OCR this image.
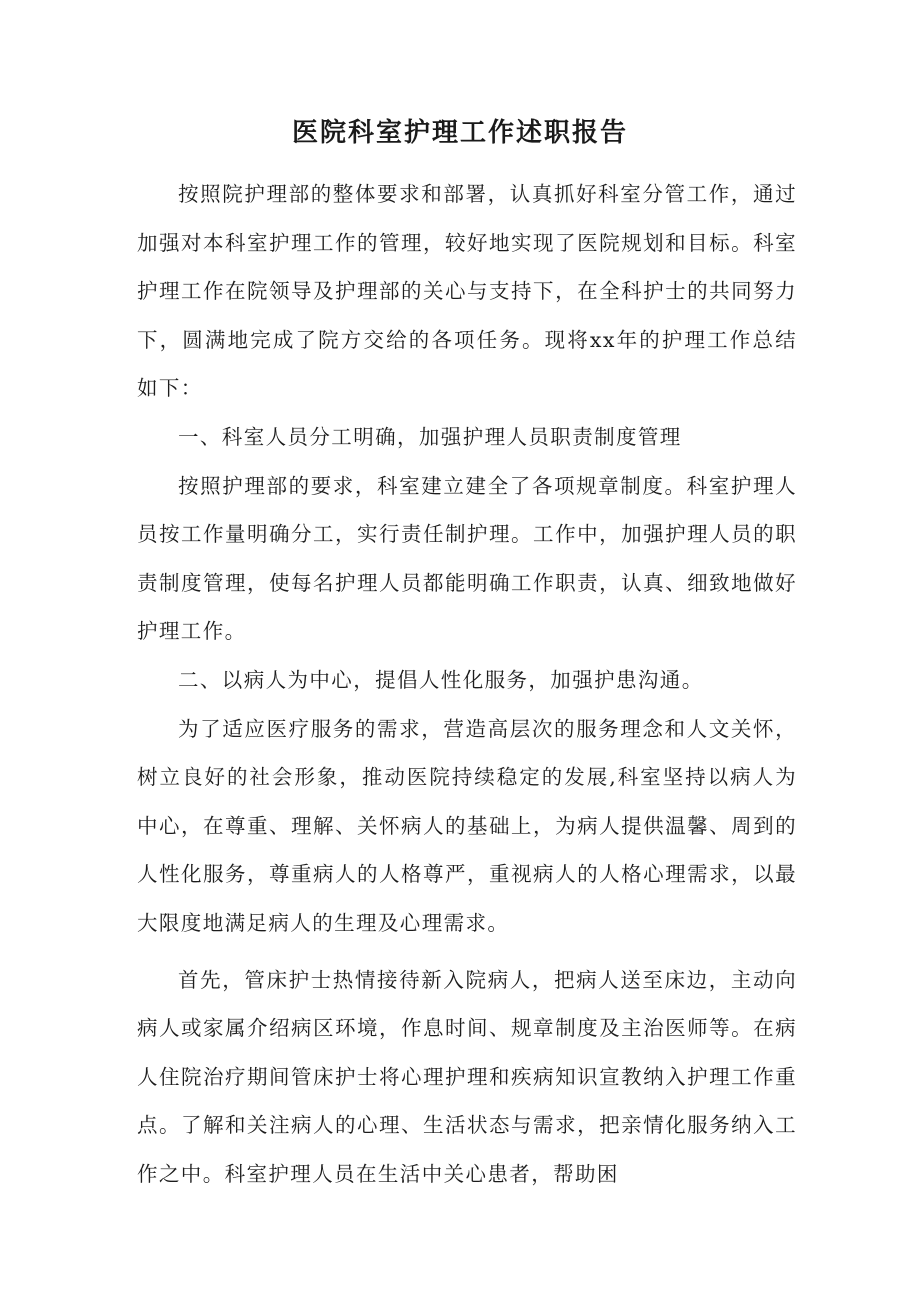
医院科室护理工作述职报告

按照院护理部的整体要求和部署，认真抓好科室分管工作，通过加强对本科室护理工作的管理，较好地实现了医院规划和目标。科室护理工作在院领导及护理部的关心与支持下，在全科护士的共同努力下，圆满地完成了院方交给的各项任务。现将xx年的护理工作总结如下：

一、科室人员分工明确，加强护理人员职责制度管理

按照护理部的要求，科室建立建全了各项规章制度。科室护理人员按工作量明确分工，实行责任制护理。工作中，加强护理人员的职责制度管理，使每名护理人员都能明确工作职责，认真、细致地做好护理工作。

二、以病人为中心，提倡人性化服务，加强护患沟通。

为了适应医疗服务的需求，营造高层次的服务理念和人文关怀，树立良好的社会形象，推动医院持续稳定的发展,科室坚持以病人为中心，在尊重、理解、关怀病人的基础上，为病人提供温馨、周到的人性化服务，尊重病人的人格尊严，重视病人的人格心理需求，以最大限度地满足病人的生理及心理需求。

首先，管床护士热情接待新入院病人，把病人送至床边，主动向病人或家属介绍病区环境，作息时间、规章制度及主治医师等。在病人住院治疗期间管床护士将心理护理和疾病知识宣教纳入护理工作重点。了解和关注病人的心理、生活状态与需求，把亲情化服务纳入工作之中。科室护理人员在生活中关心患者，帮助困
